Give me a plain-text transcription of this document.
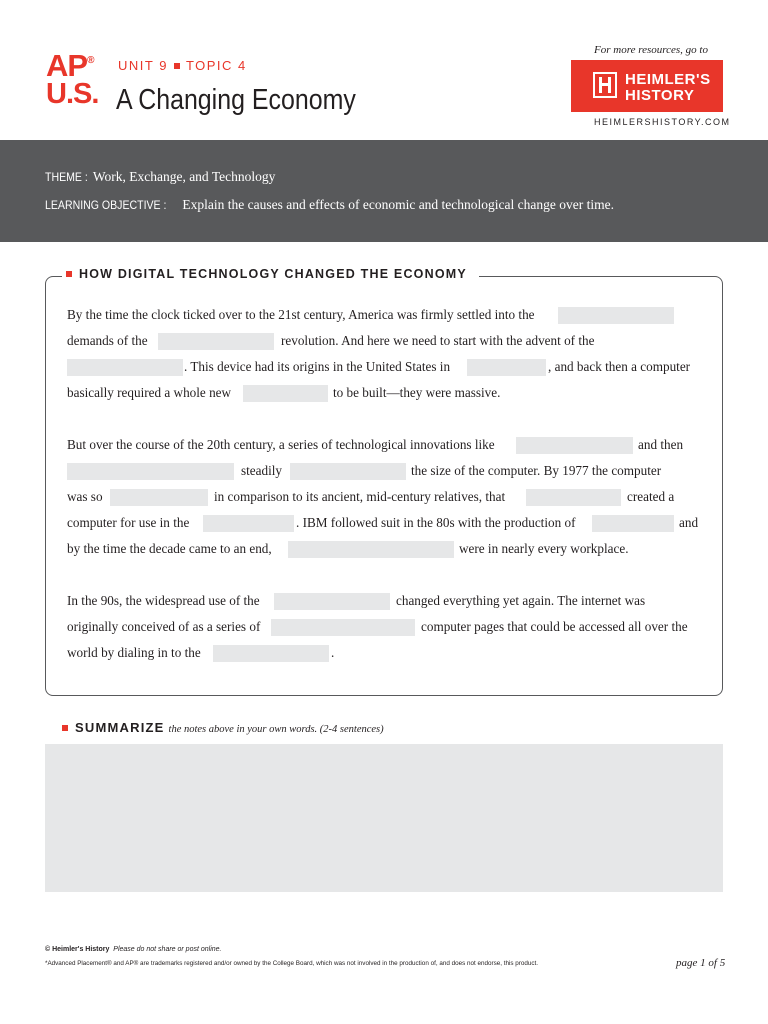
AP®
U.S.
UNIT 9 TOPIC 4
A Changing Economy
For more resources, go to
HEIMLER'S
HISTORY
HEIMLERSHISTORY.COM
THEME : Work, Exchange, and Technology
LEARNING OBJECTIVE : Explain the causes and effects of economic and technological change over time.
HOW DIGITAL TECHNOLOGY CHANGED THE ECONOMY
By the time the clock ticked over to the 21st century, America was firmly settled into the
demands of the	revolution. And here we need to start with the advent of the
. This device had its origins in the United States in	, and back then a computer
basically required a whole new	to be built—they were massive.
But over the course of the 20th century, a series of technological innovations like	and then
steadily	the size of the computer. By 1977 the computer
was so	in comparison to its ancient, mid-century relatives, that	created a
computer for use in the	. IBM followed suit in the 80s with the production of	and
by the time the decade came to an end,	were in nearly every workplace.
In the 90s, the widespread use of the	changed everything yet again. The internet was
originally conceived of as a series of	computer pages that could be accessed all over the
world by dialing in to the	.
SUMMARIZE the notes above in your own words. (2-4 sentences)
© Heimler's History Please do not share or post online.
*Advanced Placement® and AP® are trademarks registered and/or owned by the College Board, which was not involved in the production of, and does not endorse, this product.	page 1 of 5
